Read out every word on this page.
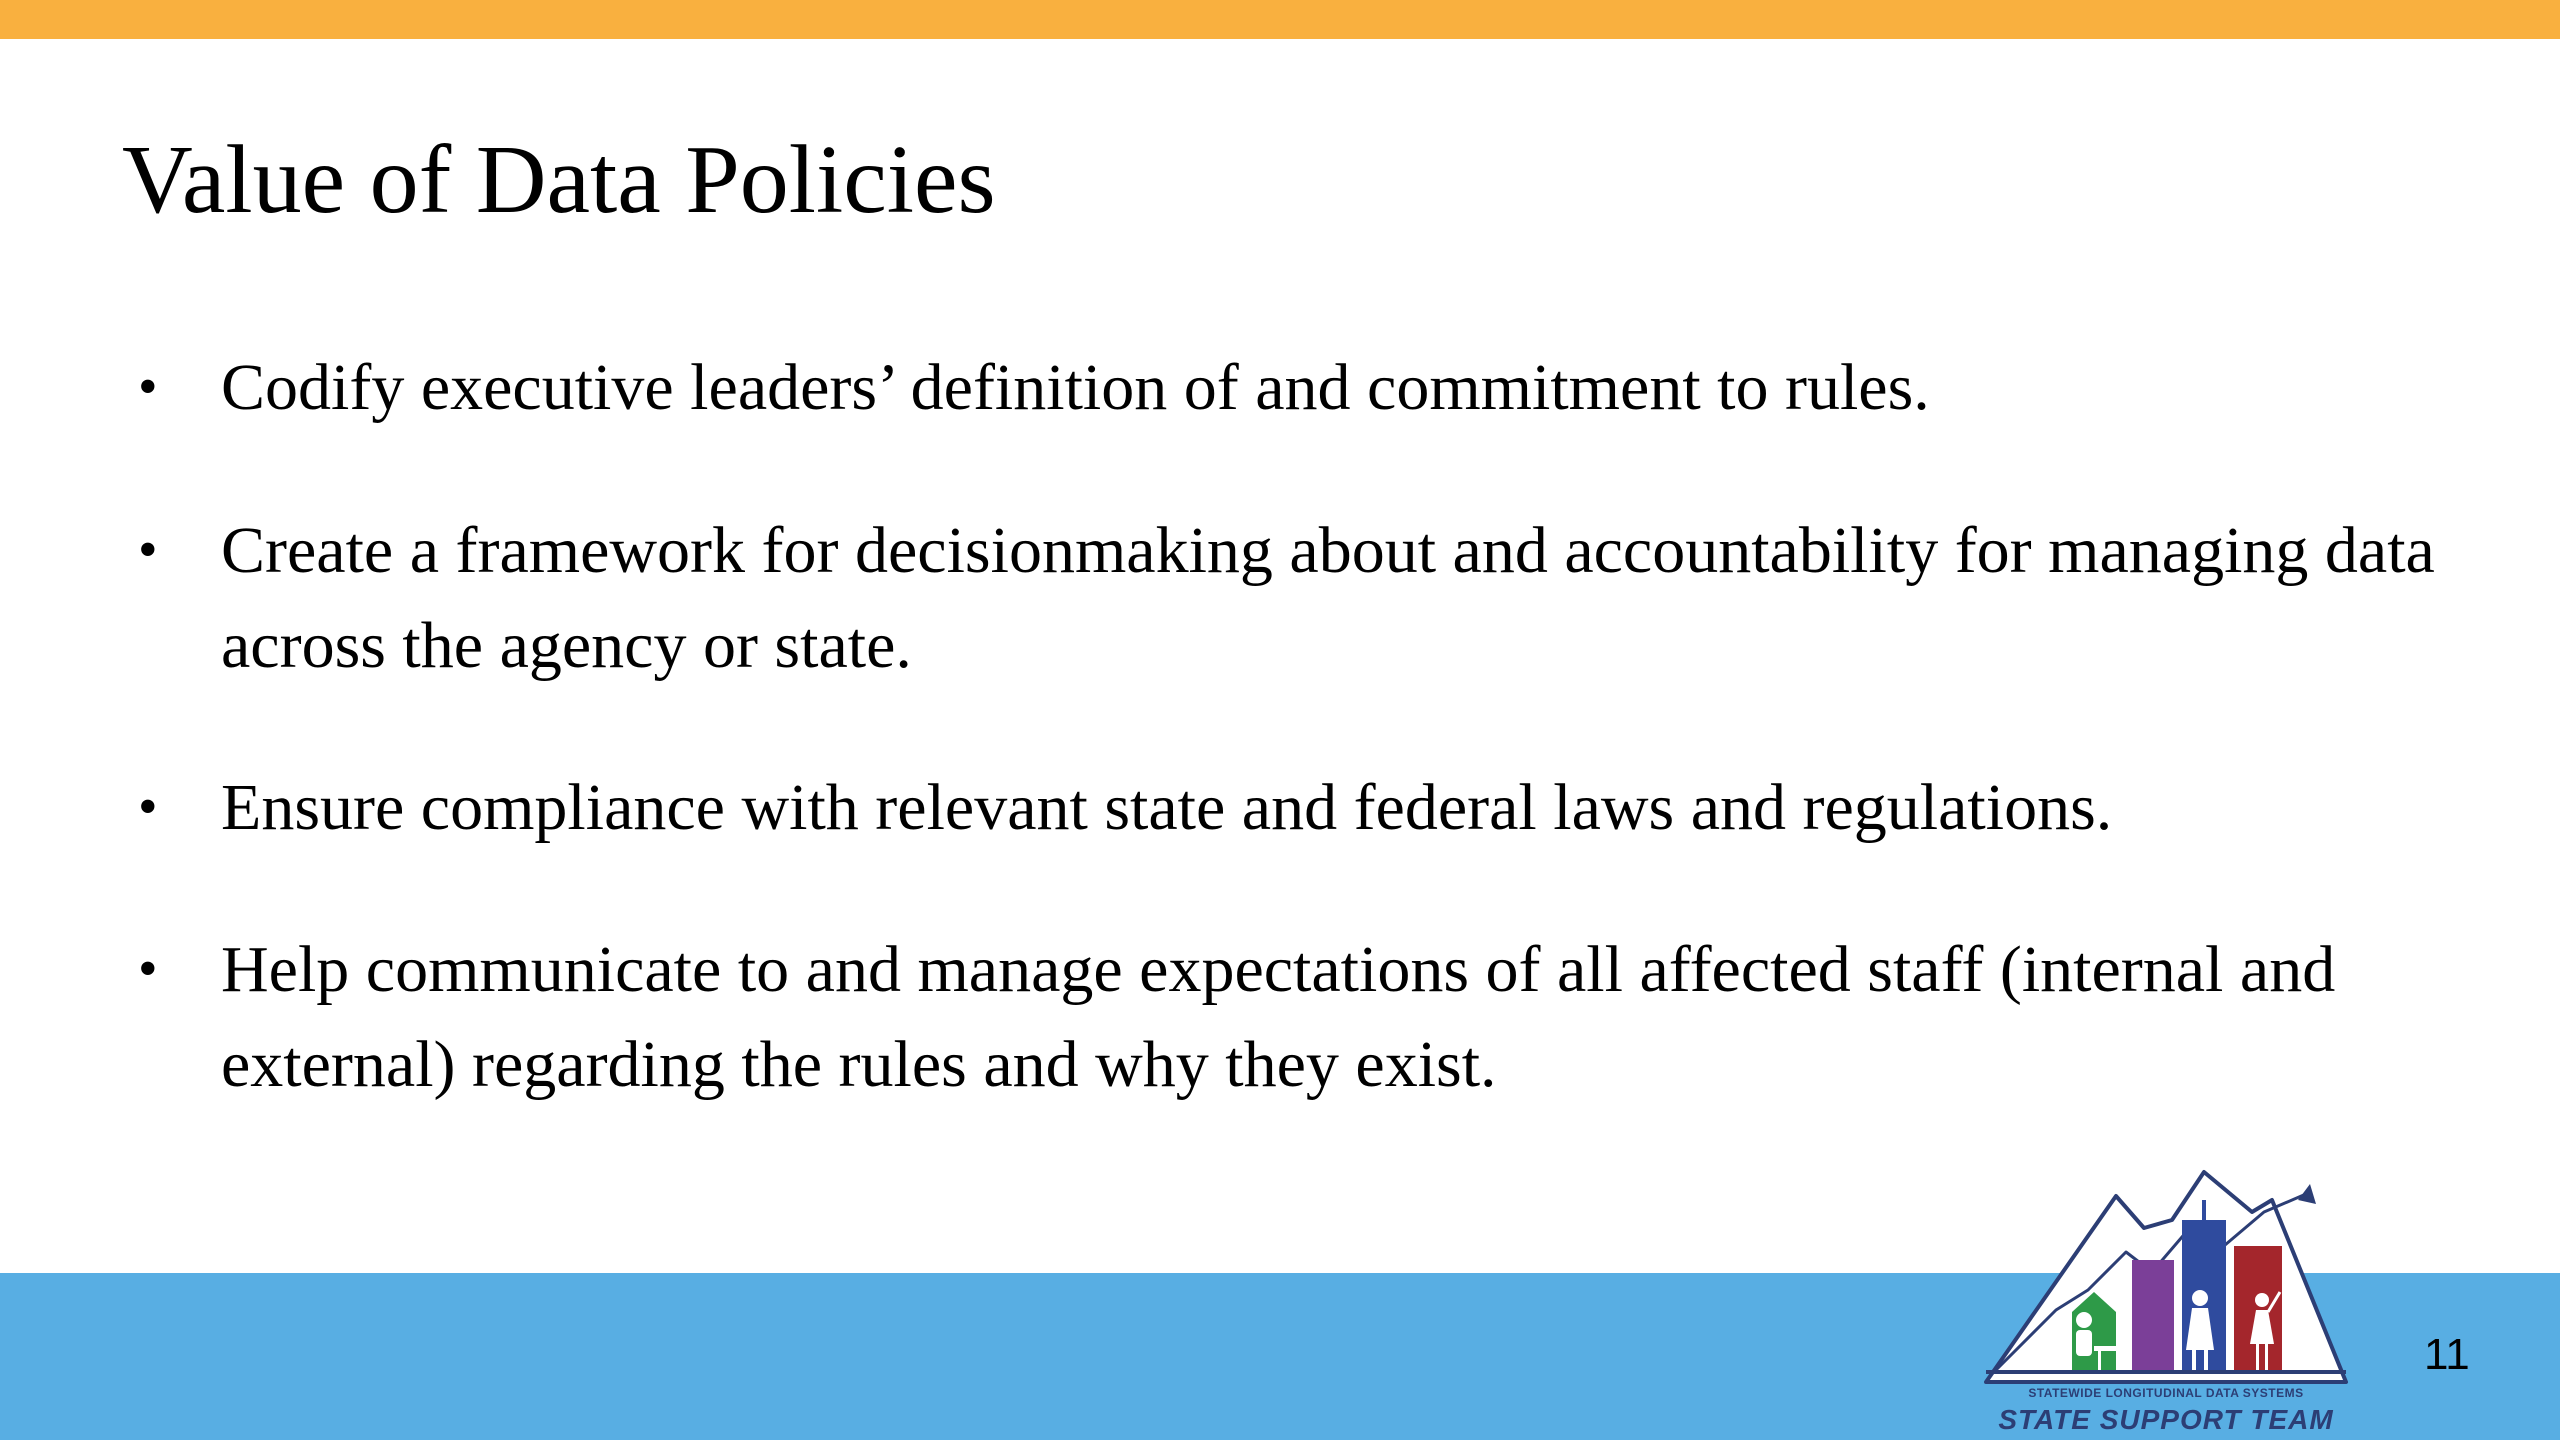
Value of Data Policies
• Codify executive leaders’ definition of and commitment to rules.
• Create a framework for decisionmaking about and accountability for managing data across the agency or state.
• Ensure compliance with relevant state and federal laws and regulations.
• Help communicate to and manage expectations of all affected staff (internal and external) regarding the rules and why they exist.
STATEWIDE LONGITUDINAL DATA SYSTEMS
STATE SUPPORT TEAM
11
